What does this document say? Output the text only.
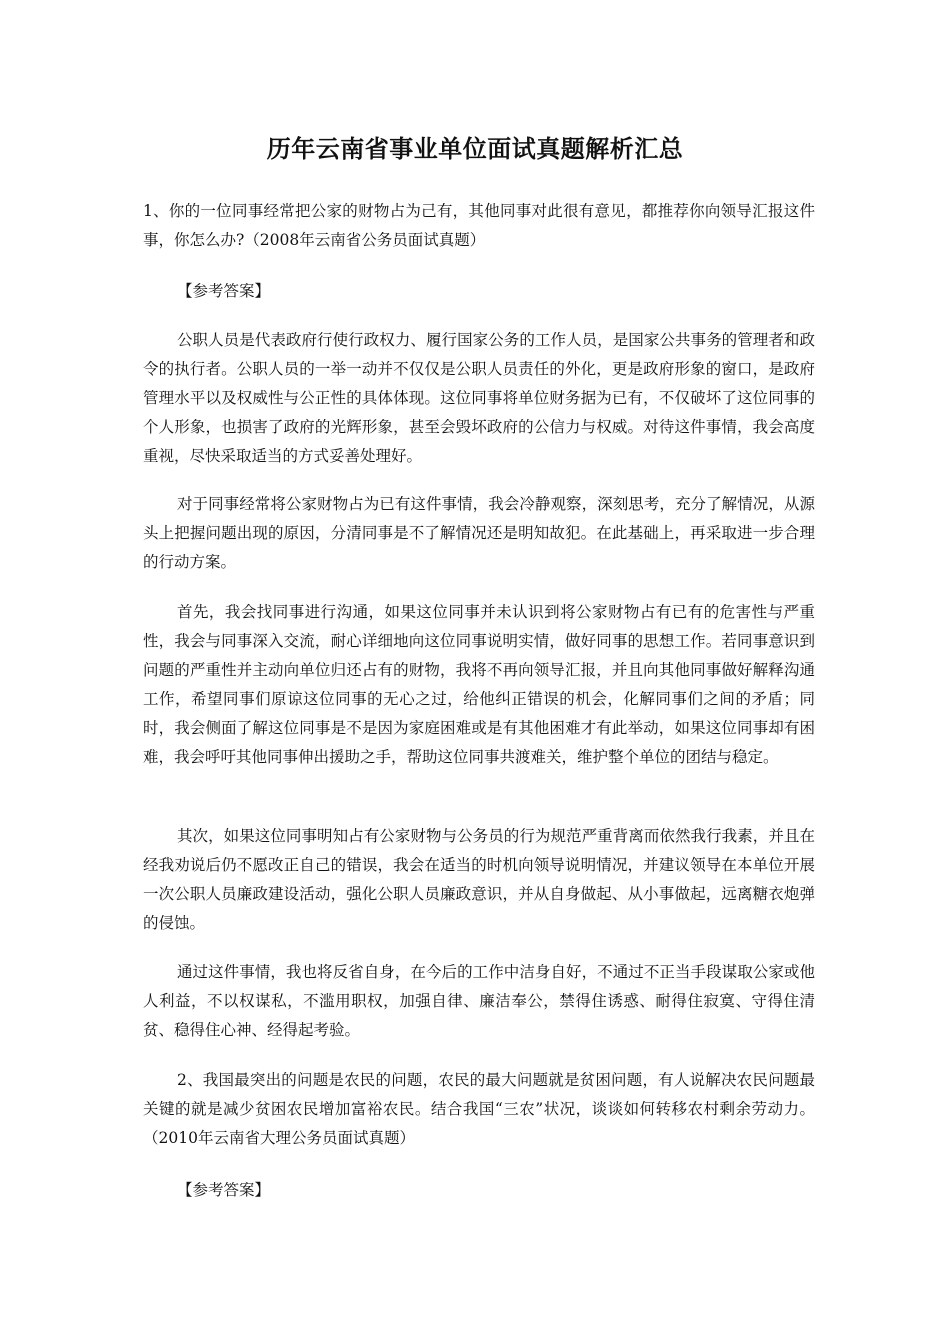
历年云南省事业单位面试真题解析汇总

1、你的一位同事经常把公家的财物占为己有，其他同事对此很有意见，都推荐你向领导汇报这件事，你怎么办?（2008年云南省公务员面试真题）

【参考答案】

公职人员是代表政府行使行政权力、履行国家公务的工作人员，是国家公共事务的管理者和政令的执行者。公职人员的一举一动并不仅仅是公职人员责任的外化，更是政府形象的窗口，是政府管理水平以及权威性与公正性的具体体现。这位同事将单位财务据为已有，不仅破坏了这位同事的个人形象，也损害了政府的光辉形象，甚至会毁坏政府的公信力与权威。对待这件事情，我会高度重视，尽快采取适当的方式妥善处理好。

对于同事经常将公家财物占为已有这件事情，我会冷静观察，深刻思考，充分了解情况，从源头上把握问题出现的原因，分清同事是不了解情况还是明知故犯。在此基础上，再采取进一步合理的行动方案。

首先，我会找同事进行沟通，如果这位同事并未认识到将公家财物占有已有的危害性与严重性，我会与同事深入交流，耐心详细地向这位同事说明实情，做好同事的思想工作。若同事意识到问题的严重性并主动向单位归还占有的财物，我将不再向领导汇报，并且向其他同事做好解释沟通工作，希望同事们原谅这位同事的无心之过，给他纠正错误的机会，化解同事们之间的矛盾；同时，我会侧面了解这位同事是不是因为家庭困难或是有其他困难才有此举动，如果这位同事却有困难，我会呼吁其他同事伸出援助之手，帮助这位同事共渡难关，维护整个单位的团结与稳定。

其次，如果这位同事明知占有公家财物与公务员的行为规范严重背离而依然我行我素，并且在经我劝说后仍不愿改正自己的错误，我会在适当的时机向领导说明情况，并建议领导在本单位开展一次公职人员廉政建设活动，强化公职人员廉政意识，并从自身做起、从小事做起，远离糖衣炮弹的侵蚀。

通过这件事情，我也将反省自身，在今后的工作中洁身自好，不通过不正当手段谋取公家或他人利益，不以权谋私，不滥用职权，加强自律、廉洁奉公，禁得住诱惑、耐得住寂寞、守得住清贫、稳得住心神、经得起考验。

2、我国最突出的问题是农民的问题，农民的最大问题就是贫困问题，有人说解决农民问题最关键的就是减少贫困农民增加富裕农民。结合我国“三农”状况，谈谈如何转移农村剩余劳动力。（2010年云南省大理公务员面试真题）

【参考答案】
